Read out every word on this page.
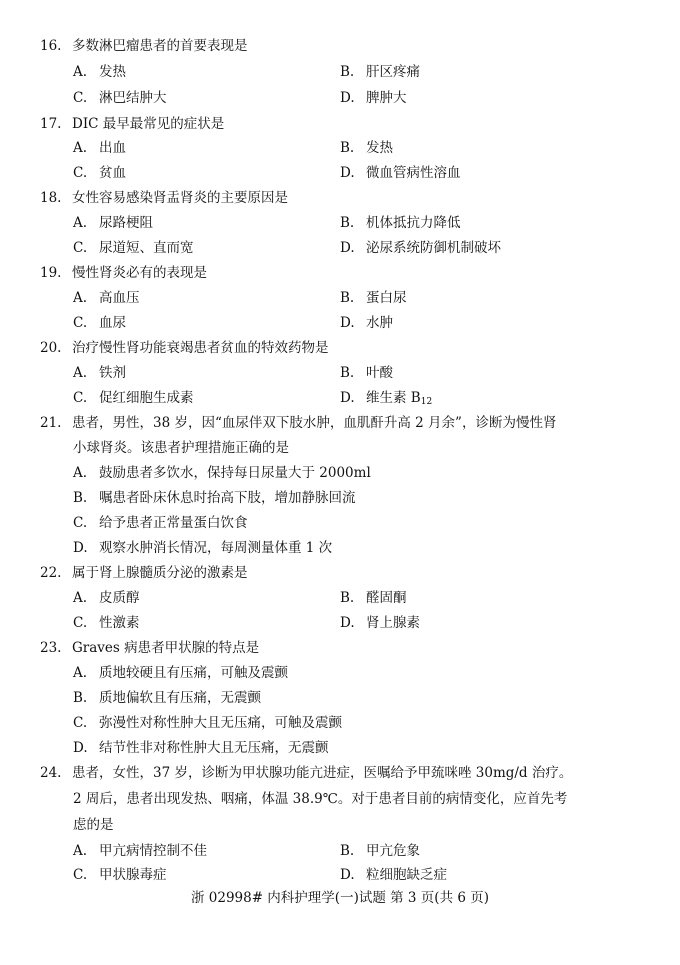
16. 多数淋巴瘤患者的首要表现是
A. 发热	B. 肝区疼痛
C. 淋巴结肿大	D. 脾肿大
17. DIC 最早最常见的症状是
A. 出血	B. 发热
C. 贫血	D. 微血管病性溶血
18. 女性容易感染肾盂肾炎的主要原因是
A. 尿路梗阻	B. 机体抵抗力降低
C. 尿道短、直而宽	D. 泌尿系统防御机制破坏
19. 慢性肾炎必有的表现是
A. 高血压	B. 蛋白尿
C. 血尿	D. 水肿
20. 治疗慢性肾功能衰竭患者贫血的特效药物是
A. 铁剂	B. 叶酸
C. 促红细胞生成素	D. 维生素 $B_{12}$
21. 患者，男性，38 岁，因“血尿伴双下肢水肿，血肌酐升高 2 月余”，诊断为慢性肾
小球肾炎。该患者护理措施正确的是
A. 鼓励患者多饮水，保持每日尿量大于 2000ml
B. 嘱患者卧床休息时抬高下肢，增加静脉回流
C. 给予患者正常量蛋白饮食
D. 观察水肿消长情况，每周测量体重 1 次
22. 属于肾上腺髓质分泌的激素是
A. 皮质醇	B. 醛固酮
C. 性激素	D. 肾上腺素
23. Graves 病患者甲状腺的特点是
A. 质地较硬且有压痛，可触及震颤
B. 质地偏软且有压痛，无震颤
C. 弥漫性对称性肿大且无压痛，可触及震颤
D. 结节性非对称性肿大且无压痛，无震颤
24. 患者，女性，37 岁，诊断为甲状腺功能亢进症，医嘱给予甲巯咪唑 30mg/d 治疗。
2 周后，患者出现发热、咽痛，体温 38.9℃。对于患者目前的病情变化，应首先考
虑的是
A. 甲亢病情控制不佳	B. 甲亢危象
C. 甲状腺毒症	D. 粒细胞缺乏症
浙 02998# 内科护理学(一)试题 第 3 页(共 6 页)
